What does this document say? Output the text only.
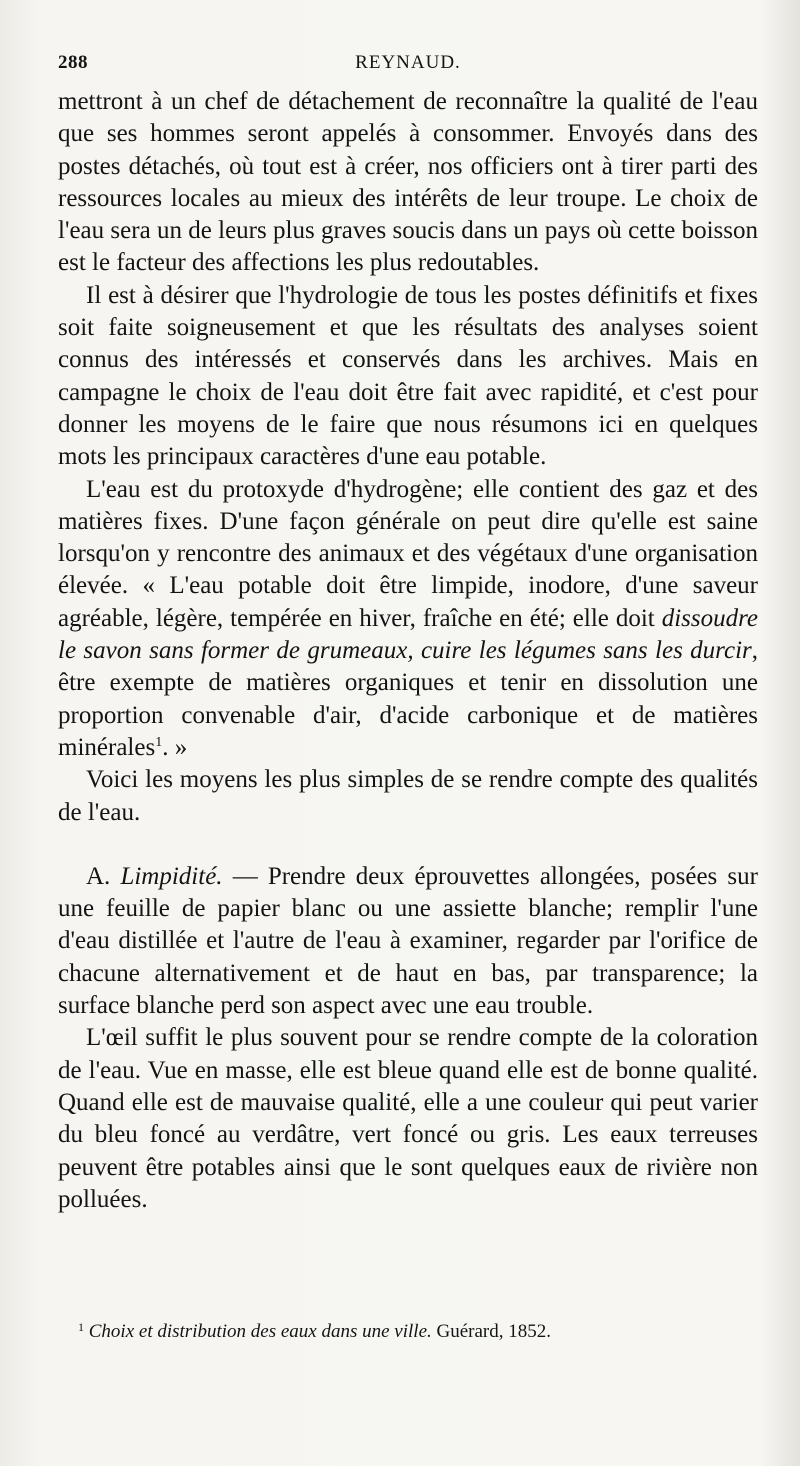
288	REYNAUD.

mettront à un chef de détachement de reconnaître la qualité de l'eau que ses hommes seront appelés à consommer. Envoyés dans des postes détachés, où tout est à créer, nos officiers ont à tirer parti des ressources locales au mieux des intérêts de leur troupe. Le choix de l'eau sera un de leurs plus graves soucis dans un pays où cette boisson est le facteur des affections les plus redoutables.

Il est à désirer que l'hydrologie de tous les postes définitifs et fixes soit faite soigneusement et que les résultats des analyses soient connus des intéressés et conservés dans les archives. Mais en campagne le choix de l'eau doit être fait avec rapidité, et c'est pour donner les moyens de le faire que nous résumons ici en quelques mots les principaux caractères d'une eau potable.

L'eau est du protoxyde d'hydrogène; elle contient des gaz et des matières fixes. D'une façon générale on peut dire qu'elle est saine lorsqu'on y rencontre des animaux et des végétaux d'une organisation élevée. « L'eau potable doit être limpide, inodore, d'une saveur agréable, légère, tempérée en hiver, fraîche en été; elle doit dissoudre le savon sans former de grumeaux, cuire les légumes sans les durcir, être exempte de matières organiques et tenir en dissolution une proportion convenable d'air, d'acide carbonique et de matières minérales$^1$. »

Voici les moyens les plus simples de se rendre compte des qualités de l'eau.

A. Limpidité. — Prendre deux éprouvettes allongées, posées sur une feuille de papier blanc ou une assiette blanche; remplir l'une d'eau distillée et l'autre de l'eau à examiner, regarder par l'orifice de chacune alternativement et de haut en bas, par transparence; la surface blanche perd son aspect avec une eau trouble.

L'œil suffit le plus souvent pour se rendre compte de la coloration de l'eau. Vue en masse, elle est bleue quand elle est de bonne qualité. Quand elle est de mauvaise qualité, elle a une couleur qui peut varier du bleu foncé au verdâtre, vert foncé ou gris. Les eaux terreuses peuvent être potables ainsi que le sont quelques eaux de rivière non polluées.

$^1$ Choix et distribution des eaux dans une ville. Guérard, 1852.
